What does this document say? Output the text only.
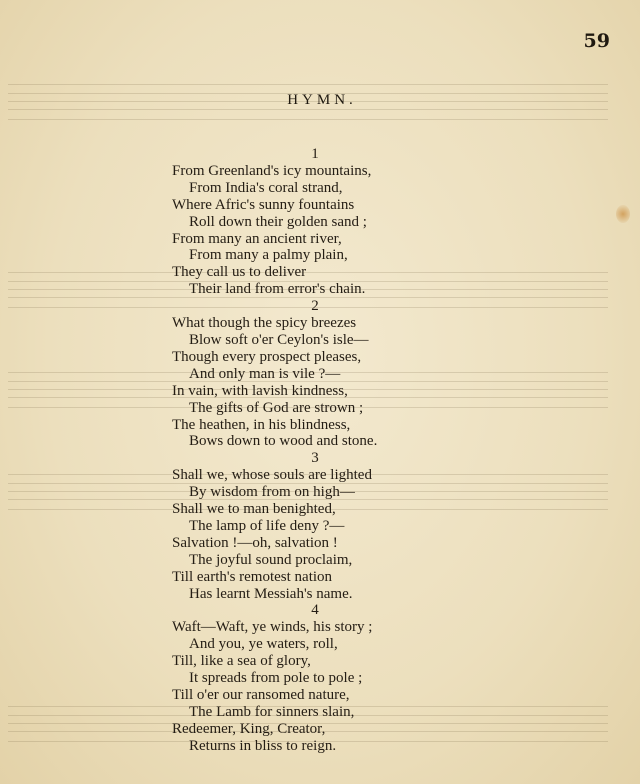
59
HYMN.
1
From Greenland's icy mountains,
From India's coral strand,
Where Afric's sunny fountains
Roll down their golden sand ;
From many an ancient river,
From many a palmy plain,
They call us to deliver
Their land from error's chain.
2
What though the spicy breezes
Blow soft o'er Ceylon's isle—
Though every prospect pleases,
And only man is vile ?—
In vain, with lavish kindness,
The gifts of God are strown ;
The heathen, in his blindness,
Bows down to wood and stone.
3
Shall we, whose souls are lighted
By wisdom from on high—
Shall we to man benighted,
The lamp of life deny ?—
Salvation !—oh, salvation !
The joyful sound proclaim,
Till earth's remotest nation
Has learnt Messiah's name.
4
Waft—Waft, ye winds, his story ;
And you, ye waters, roll,
Till, like a sea of glory,
It spreads from pole to pole ;
Till o'er our ransomed nature,
The Lamb for sinners slain,
Redeemer, King, Creator,
Returns in bliss to reign.
